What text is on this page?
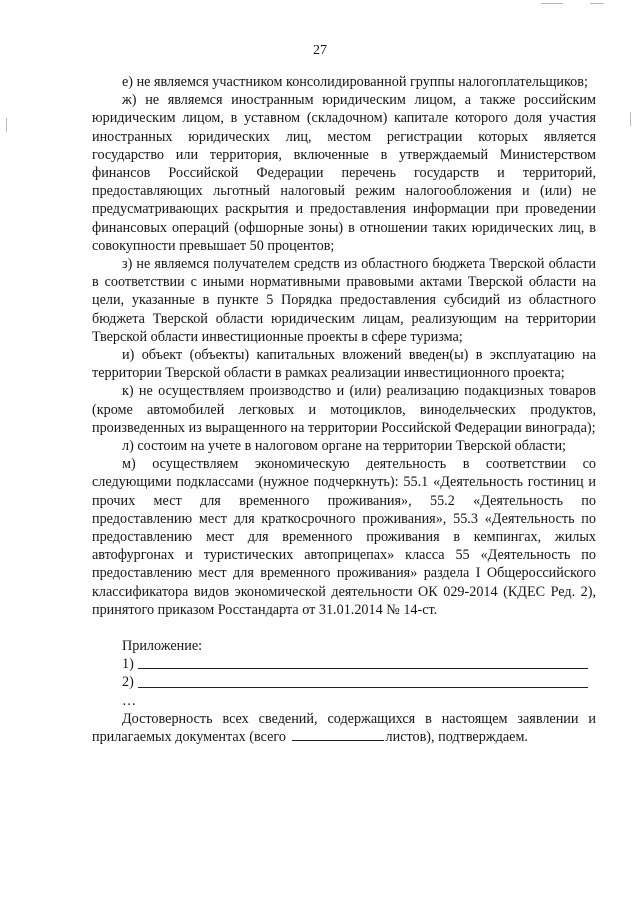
27

е) не являемся участником консолидированной группы налогоплательщиков;

ж) не являемся иностранным юридическим лицом, а также российским юридическим лицом, в уставном (складочном) капитале которого доля участия иностранных юридических лиц, местом регистрации которых является государство или территория, включенные в утверждаемый Министерством финансов Российской Федерации перечень государств и территорий, предоставляющих льготный налоговый режим налогообложения и (или) не предусматривающих раскрытия и предоставления информации при проведении финансовых операций (офшорные зоны) в отношении таких юридических лиц, в совокупности превышает 50 процентов;

з) не являемся получателем средств из областного бюджета Тверской области в соответствии с иными нормативными правовыми актами Тверской области на цели, указанные в пункте 5 Порядка предоставления субсидий из областного бюджета Тверской области юридическим лицам, реализующим на территории Тверской области инвестиционные проекты в сфере туризма;

и) объект (объекты) капитальных вложений введен(ы) в эксплуатацию на территории Тверской области в рамках реализации инвестиционного проекта;

к) не осуществляем производство и (или) реализацию подакцизных товаров (кроме автомобилей легковых и мотоциклов, винодельческих продуктов, произведенных из выращенного на территории Российской Федерации винограда);

л) состоим на учете в налоговом органе на территории Тверской области;

м) осуществляем экономическую деятельность в соответствии со следующими подклассами (нужное подчеркнуть): 55.1 «Деятельность гостиниц и прочих мест для временного проживания», 55.2 «Деятельность по предоставлению мест для краткосрочного проживания», 55.3 «Деятельность по предоставлению мест для временного проживания в кемпингах, жилых автофургонах и туристических автоприцепах» класса 55 «Деятельность по предоставлению мест для временного проживания» раздела I Общероссийского классификатора видов экономической деятельности ОК 029-2014 (КДЕС Ред. 2), принятого приказом Росстандарта от 31.01.2014 № 14-ст.

Приложение:

1)
2)
…

Достоверность всех сведений, содержащихся в настоящем заявлении и прилагаемых документах (всего	листов), подтверждаем.
